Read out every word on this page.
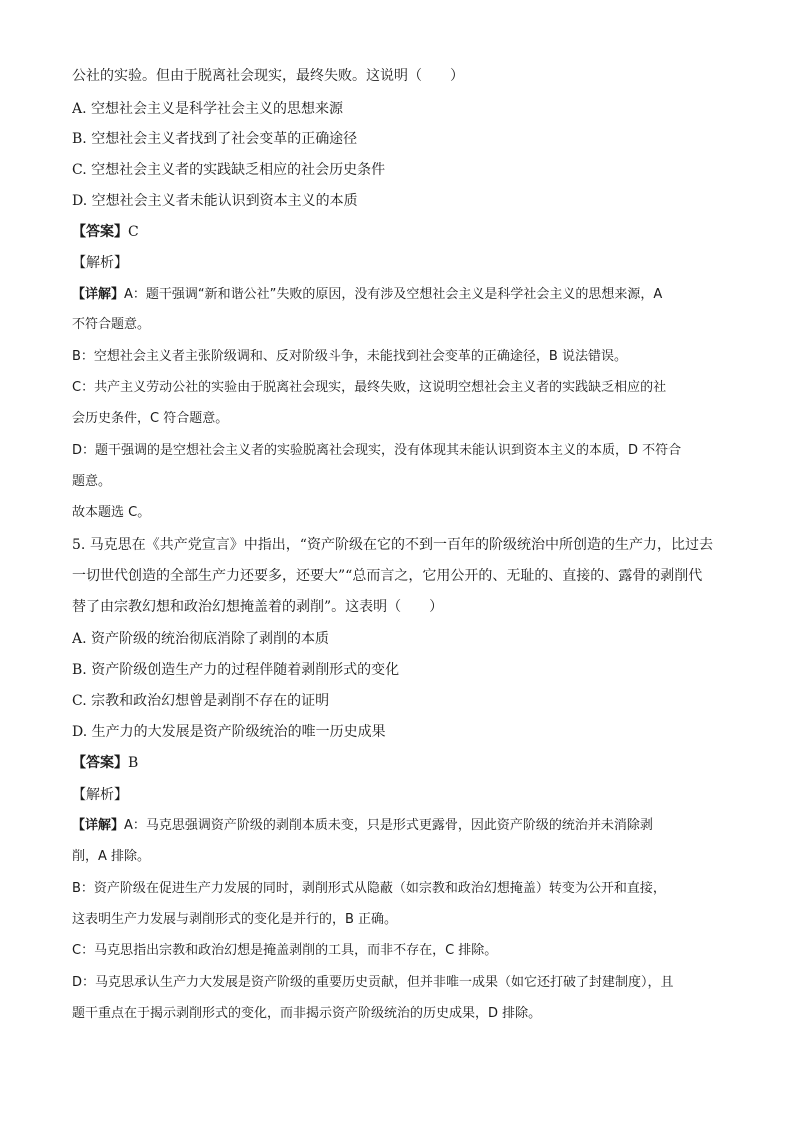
公社的实验。但由于脱离社会现实，最终失败。这说明（　　）
A. 空想社会主义是科学社会主义的思想来源
B. 空想社会主义者找到了社会变革的正确途径
C. 空想社会主义者的实践缺乏相应的社会历史条件
D. 空想社会主义者未能认识到资本主义的本质
【答案】C
【解析】
【详解】A：题干强调“新和谐公社”失败的原因，没有涉及空想社会主义是科学社会主义的思想来源，A
不符合题意。
B：空想社会主义者主张阶级调和、反对阶级斗争，未能找到社会变革的正确途径，B 说法错误。
C：共产主义劳动公社的实验由于脱离社会现实，最终失败，这说明空想社会主义者的实践缺乏相应的社
会历史条件，C 符合题意。
D：题干强调的是空想社会主义者的实验脱离社会现实，没有体现其未能认识到资本主义的本质，D 不符合
题意。
故本题选 C。
5. 马克思在《共产党宣言》中指出，“资产阶级在它的不到一百年的阶级统治中所创造的生产力，比过去
一切世代创造的全部生产力还要多，还要大”“总而言之，它用公开的、无耻的、直接的、露骨的剥削代
替了由宗教幻想和政治幻想掩盖着的剥削”。这表明（　　）
A. 资产阶级的统治彻底消除了剥削的本质
B. 资产阶级创造生产力的过程伴随着剥削形式的变化
C. 宗教和政治幻想曾是剥削不存在的证明
D. 生产力的大发展是资产阶级统治的唯一历史成果
【答案】B
【解析】
【详解】A：马克思强调资产阶级的剥削本质未变，只是形式更露骨，因此资产阶级的统治并未消除剥
削，A 排除。
B：资产阶级在促进生产力发展的同时，剥削形式从隐蔽（如宗教和政治幻想掩盖）转变为公开和直接，
这表明生产力发展与剥削形式的变化是并行的，B 正确。
C：马克思指出宗教和政治幻想是掩盖剥削的工具，而非不存在，C 排除。
D：马克思承认生产力大发展是资产阶级的重要历史贡献，但并非唯一成果（如它还打破了封建制度），且
题干重点在于揭示剥削形式的变化，而非揭示资产阶级统治的历史成果，D 排除。
